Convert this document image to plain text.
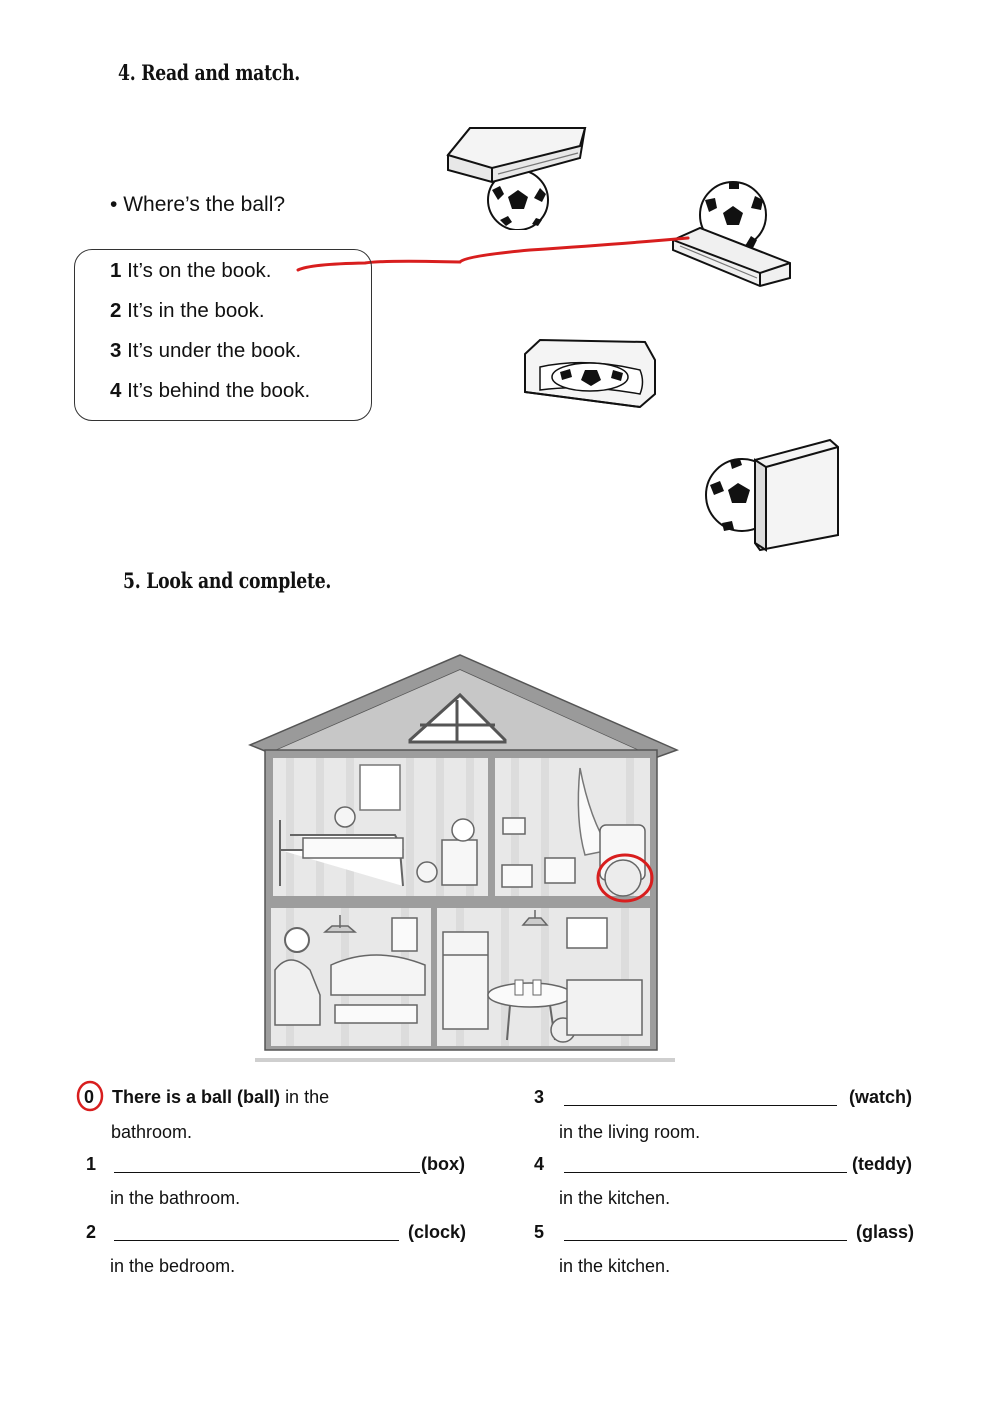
4. Read and match.
• Where’s the ball?
1 It’s on the book.
2 It’s in the book.
3 It’s under the book.
4 It’s behind the book.
5. Look and complete.
0 There is a ball (ball) in the
bathroom.
1	(box)
in the bathroom.
2	(clock)
in the bedroom.
3	(watch)
in the living room.
4	(teddy)
in the kitchen.
5	(glass)
in the kitchen.
